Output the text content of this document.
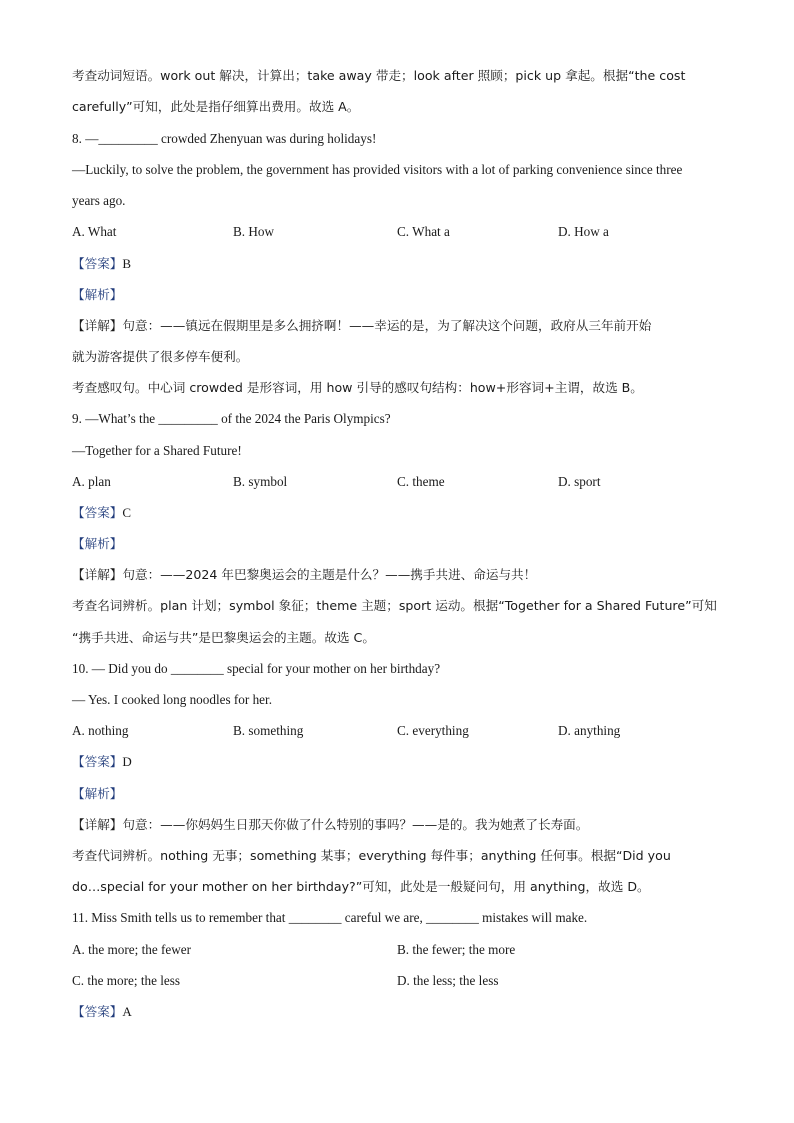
考查动词短语。work out 解决，计算出；take away 带走；look after 照顾；pick up 拿起。根据“the cost
carefully”可知，此处是指仔细算出费用。故选 A。
8. —_________ crowded Zhenyuan was during holidays!
—Luckily, to solve the problem, the government has provided visitors with a lot of parking convenience since three
years ago.
A. What	B. How	C. What a	D. How a
【答案】B
【解析】
【详解】句意：——镇远在假期里是多么拥挤啊！——幸运的是，为了解决这个问题，政府从三年前开始
就为游客提供了很多停车便利。
考查感叹句。中心词 crowded 是形容词，用 how 引导的感叹句结构：how+形容词+主谓，故选 B。
9. —What’s the _________ of the 2024 the Paris Olympics?
—Together for a Shared Future!
A. plan	B. symbol	C. theme	D. sport
【答案】C
【解析】
【详解】句意：——2024 年巴黎奥运会的主题是什么？——携手共进、命运与共！
考查名词辨析。plan 计划；symbol 象征；theme 主题；sport 运动。根据“Together for a Shared Future”可知
“携手共进、命运与共”是巴黎奥运会的主题。故选 C。
10. — Did you do ________ special for your mother on her birthday?
— Yes. I cooked long noodles for her.
A. nothing	B. something	C. everything	D. anything
【答案】D
【解析】
【详解】句意：——你妈妈生日那天你做了什么特别的事吗？——是的。我为她煮了长寿面。
考查代词辨析。nothing 无事；something 某事；everything 每件事；anything 任何事。根据“Did you
do…special for your mother on her birthday?”可知，此处是一般疑问句，用 anything，故选 D。
11. Miss Smith tells us to remember that ________ careful we are, ________ mistakes will make.
A. the more; the fewer	B. the fewer; the more
C. the more; the less	D. the less; the less
【答案】A
